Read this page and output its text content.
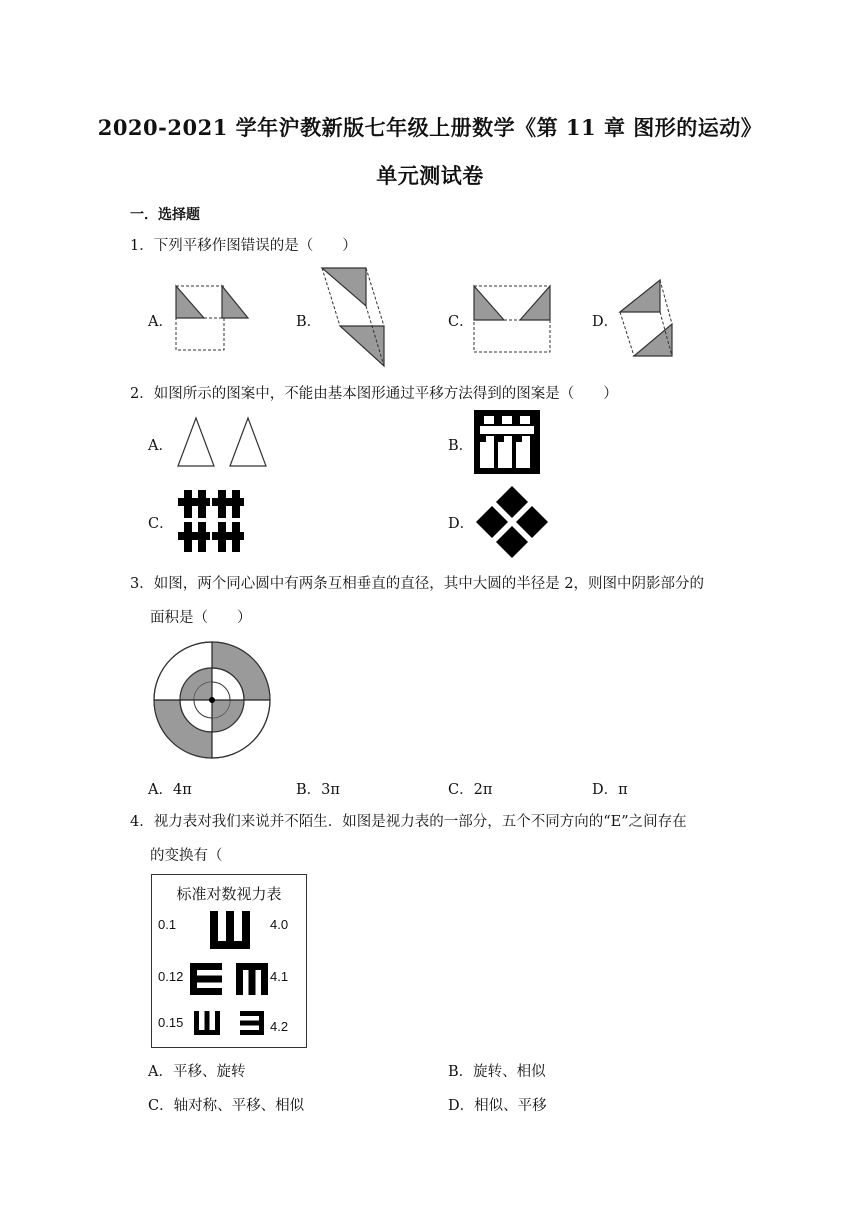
2020-2021 学年沪教新版七年级上册数学《第 11 章 图形的运动》
单元测试卷
一．选择题
1．下列平移作图错误的是（　　）
A．	B．	C．	D．
2．如图所示的图案中，不能由基本图形通过平移方法得到的图案是（　　）
A．	B．
C．	D．
3．如图，两个同心圆中有两条互相垂直的直径，其中大圆的半径是 2，则图中阴影部分的
面积是（　　）
A．4π	B．3π	C．2π	D．π
4．视力表对我们来说并不陌生．如图是视力表的一部分，五个不同方向的“E”之间存在
的变换有（
标准对数视力表
0.1	4.0
0.12	4.1
0.15	4.2
A．平移、旋转	B．旋转、相似
C．轴对称、平移、相似	D．相似、平移
